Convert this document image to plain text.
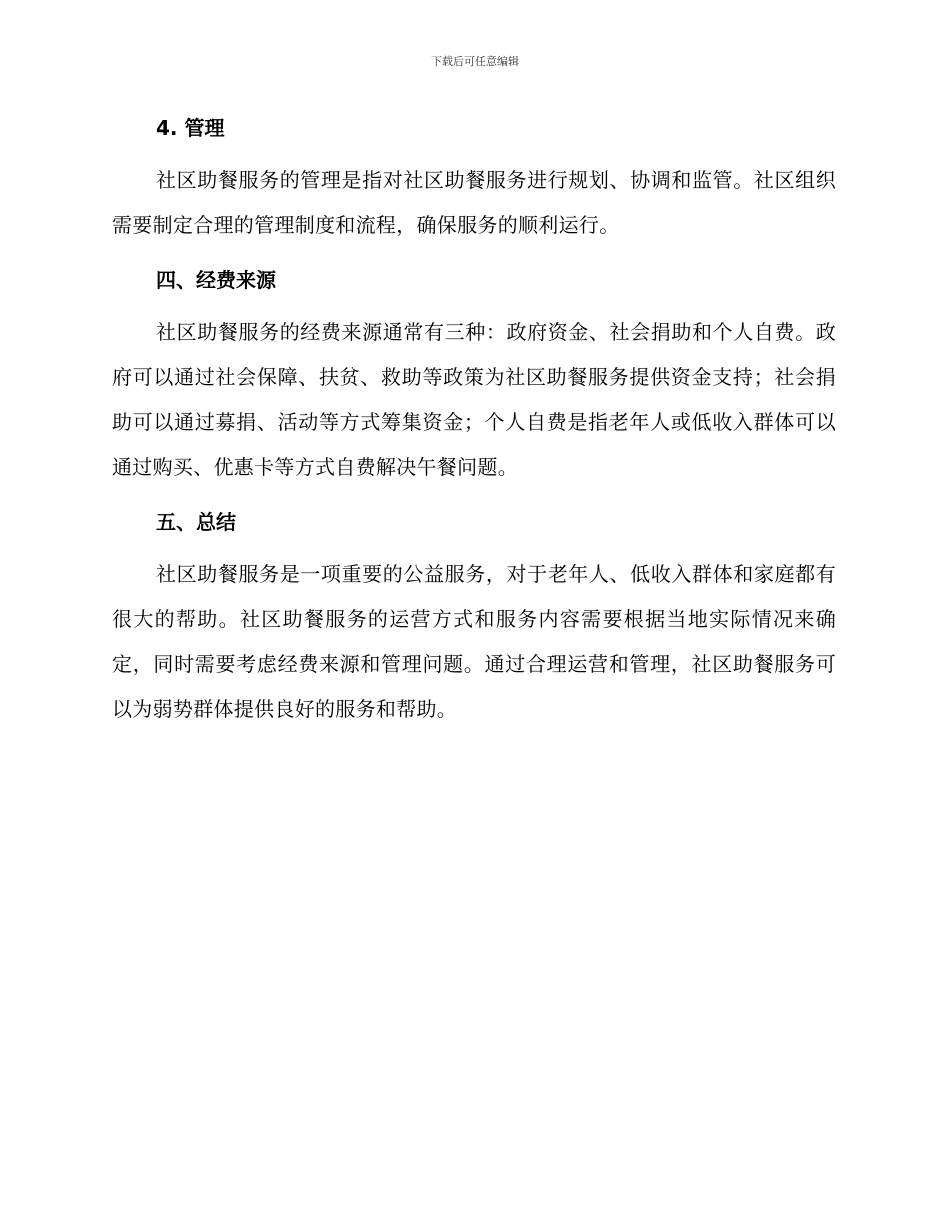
下载后可任意编辑
4. 管理

社区助餐服务的管理是指对社区助餐服务进行规划、协调和监管。社区组织需要制定合理的管理制度和流程，确保服务的顺利运行。

四、经费来源

社区助餐服务的经费来源通常有三种：政府资金、社会捐助和个人自费。政府可以通过社会保障、扶贫、救助等政策为社区助餐服务提供资金支持；社会捐助可以通过募捐、活动等方式筹集资金；个人自费是指老年人或低收入群体可以通过购买、优惠卡等方式自费解决午餐问题。

五、总结

社区助餐服务是一项重要的公益服务，对于老年人、低收入群体和家庭都有很大的帮助。社区助餐服务的运营方式和服务内容需要根据当地实际情况来确定，同时需要考虑经费来源和管理问题。通过合理运营和管理，社区助餐服务可以为弱势群体提供良好的服务和帮助。
